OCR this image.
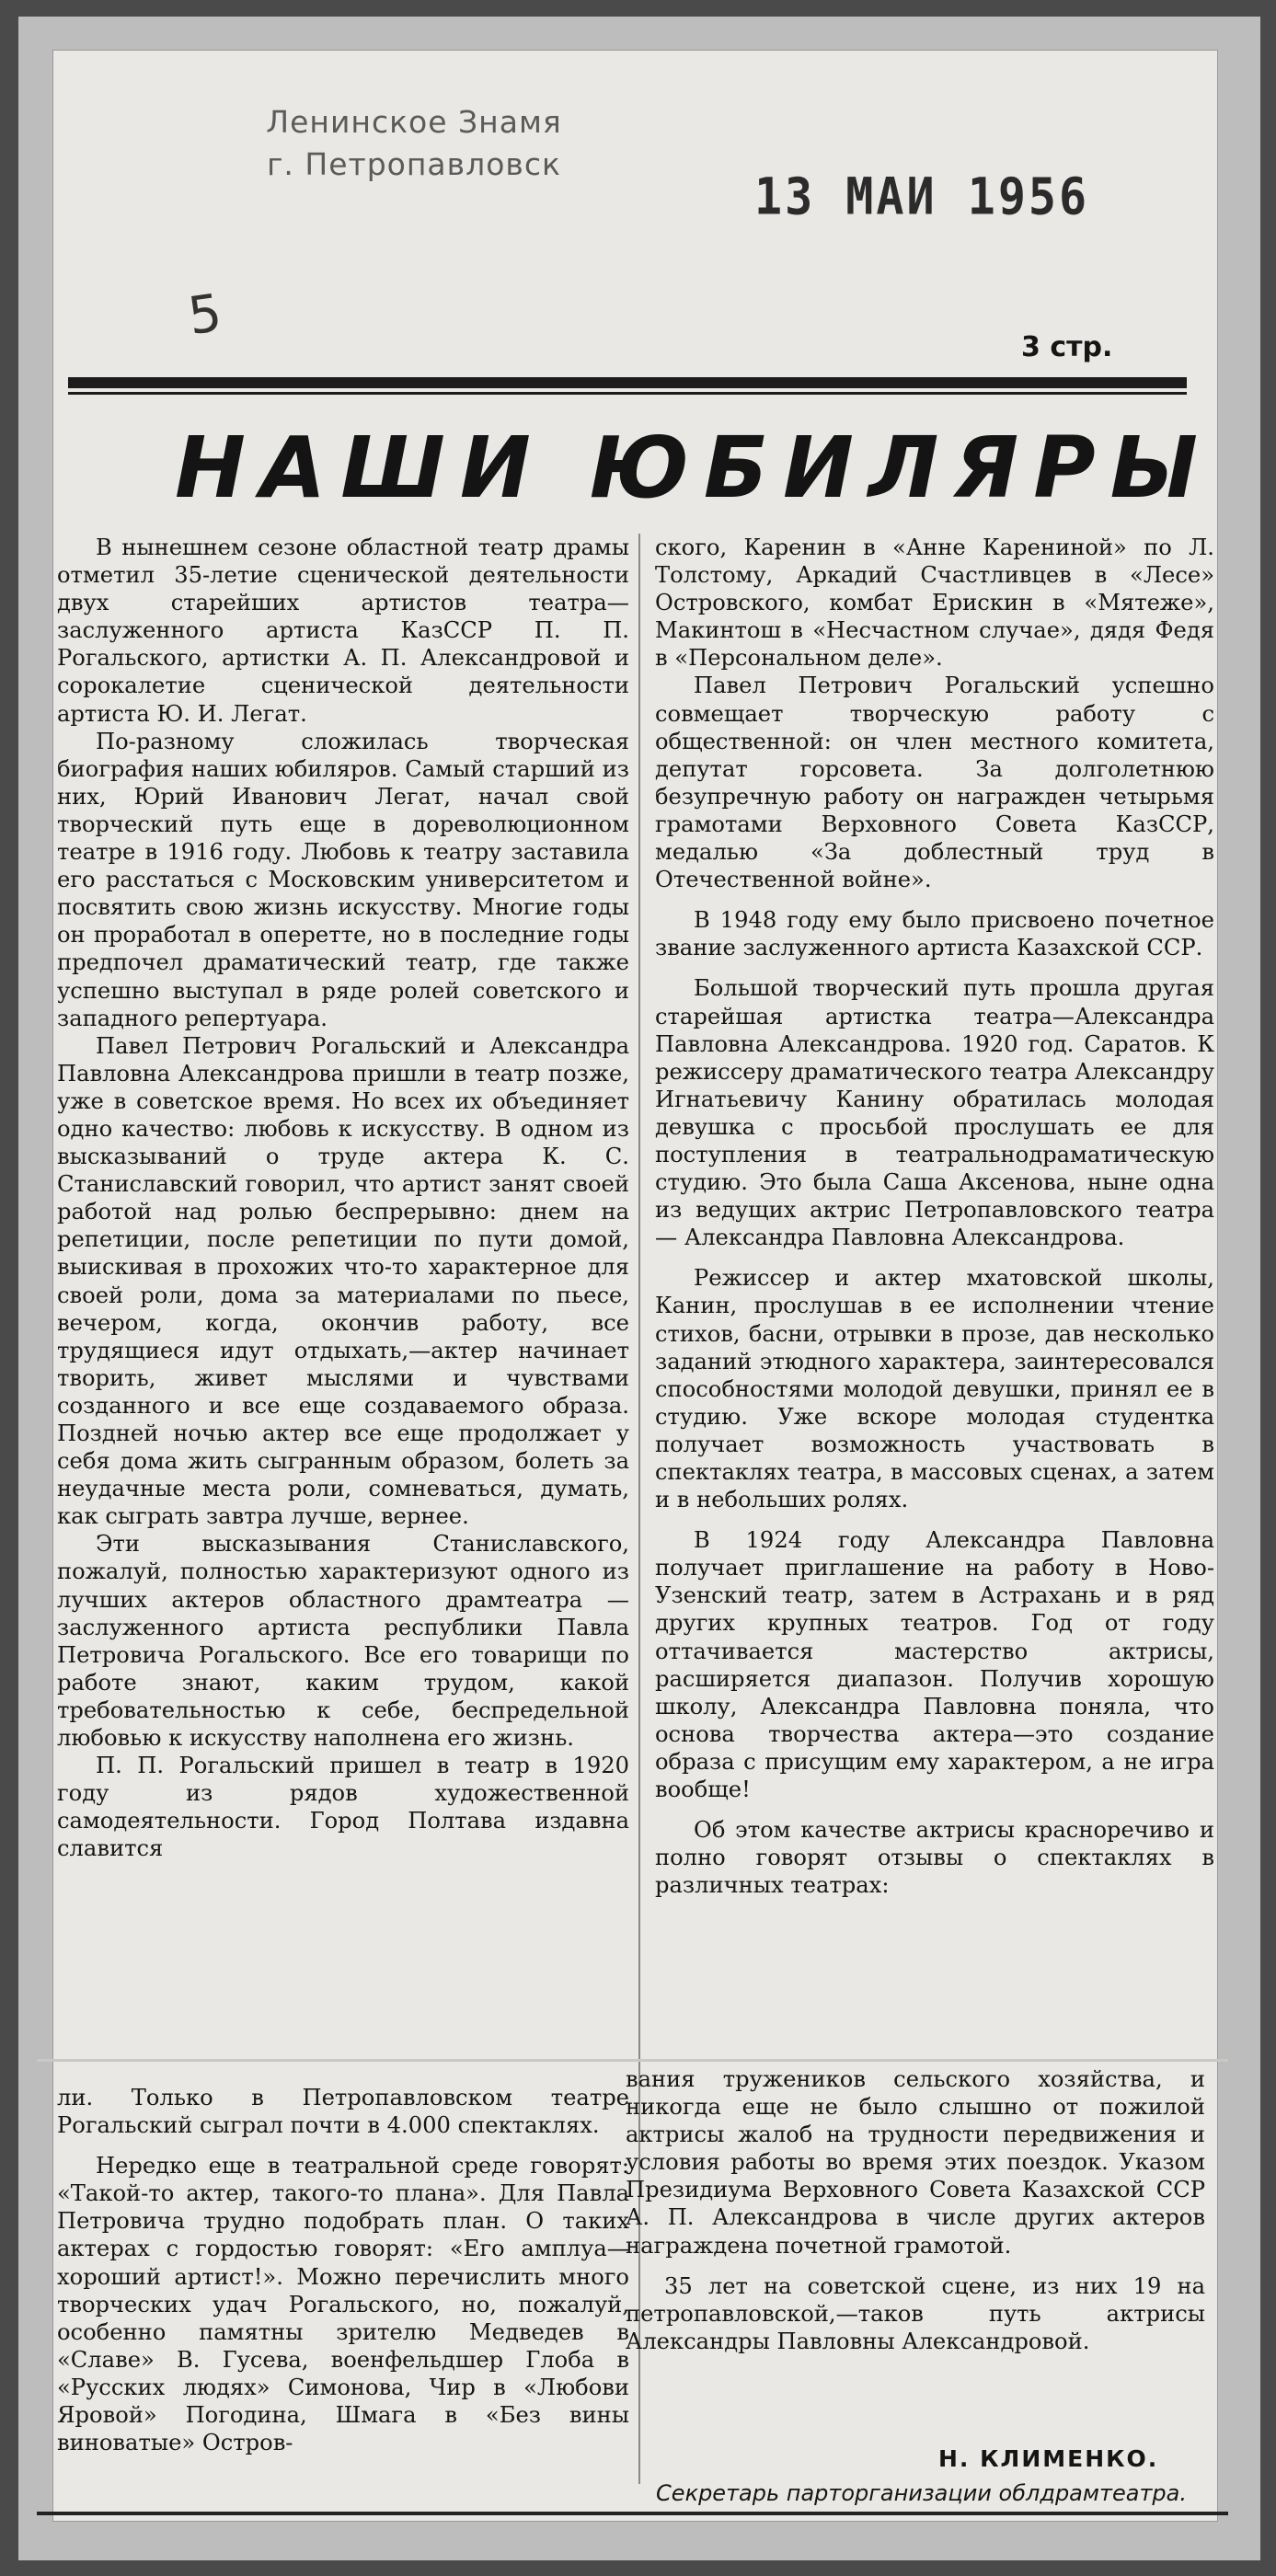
Ленинское Знамя
г. Петропавловск
13 МАИ 1956
5
3 стр.
НАШИ ЮБИЛЯРЫ

В нынешнем сезоне областной театр драмы отметил 35-летие сценической деятельности двух старейших артистов театра—заслуженного артиста КазССР П. П. Рогальского, артистки А. П. Александровой и сорокалетие сценической деятельности артиста Ю. И. Легат.

По-разному сложилась творческая биография наших юбиляров. Самый старший из них, Юрий Иванович Легат, начал свой творческий путь еще в дореволюционном театре в 1916 году. Любовь к театру заставила его расстаться с Московским университетом и посвятить свою жизнь искусству. Многие годы он проработал в оперетте, но в последние годы предпочел драматический театр, где также успешно выступал в ряде ролей советского и западного репертуара.

Павел Петрович Рогальский и Александра Павловна Александрова пришли в театр позже, уже в советское время. Но всех их объединяет одно качество: любовь к искусству. В одном из высказываний о труде актера К. С. Станиславский говорил, что артист занят своей работой над ролью беспрерывно: днем на репетиции, после репетиции по пути домой, выискивая в прохожих что-то характерное для своей роли, дома за материалами по пьесе, вечером, когда, окончив работу, все трудящиеся идут отдыхать,—актер начинает творить, живет мыслями и чувствами созданного и все еще создаваемого образа. Поздней ночью актер все еще продолжает у себя дома жить сыгранным образом, болеть за неудачные места роли, сомневаться, думать, как сыграть завтра лучше, вернее.

Эти высказывания Станиславского, пожалуй, полностью характеризуют одного из лучших актеров областного драмтеатра —заслуженного артиста республики Павла Петровича Рогальского. Все его товарищи по работе знают, каким трудом, какой требовательностью к себе, беспредельной любовью к искусству наполнена его жизнь.

П. П. Рогальский пришел в театр в 1920 году из рядов художественной самодеятельности. Город Полтава издавна славится

ли. Только в Петропавловском театре Рогальский сыграл почти в 4.000 спектаклях.

Нередко еще в театральной среде говорят: «Такой-то актер, такого-то плана». Для Павла Петровича трудно подобрать план. О таких актерах с гордостью говорят: «Его амплуа—хороший артист!». Можно перечислить много творческих удач Рогальского, но, пожалуй, особенно памятны зрителю Медведев в «Славе» В. Гусева, военфельдшер Глоба в «Русских людях» Симонова, Чир в «Любови Яровой» Погодина, Шмага в «Без вины виноватые» Остров-

ского, Каренин в «Анне Карениной» по Л. Толстому, Аркадий Счастливцев в «Лесе» Островского, комбат Ерискин в «Мятеже», Макинтош в «Несчастном случае», дядя Федя в «Персональном деле».

Павел Петрович Рогальский успешно совмещает творческую работу с общественной: он член местного комитета, депутат горсовета. За долголетнюю безупречную работу он награжден четырьмя грамотами Верховного Совета КазССР, медалью «За доблестный труд в Отечественной войне».

В 1948 году ему было присвоено почетное звание заслуженного артиста Казахской ССР.

Большой творческий путь прошла другая старейшая артистка театра—Александра Павловна Александрова. 1920 год. Саратов. К режиссеру драматического театра Александру Игнатьевичу Канину обратилась молодая девушка с просьбой прослушать ее для поступления в театральнодраматическую студию. Это была Саша Аксенова, ныне одна из ведущих актрис Петропавловского театра — Александра Павловна Александрова.

Режиссер и актер мхатовской школы, Канин, прослушав в ее исполнении чтение стихов, басни, отрывки в прозе, дав несколько заданий этюдного характера, заинтересовался способностями молодой девушки, принял ее в студию. Уже вскоре молодая студентка получает возможность участвовать в спектаклях театра, в массовых сценах, а затем и в небольших ролях.

В 1924 году Александра Павловна получает приглашение на работу в Ново-Узенский театр, затем в Астрахань и в ряд других крупных театров. Год от году оттачивается мастерство актрисы, расширяется диапазон. Получив хорошую школу, Александра Павловна поняла, что основа творчества актера—это создание образа с присущим ему характером, а не игра вообще!

Об этом качестве актрисы красноречиво и полно говорят отзывы о спектаклях в различных театрах:

вания тружеников сельского хозяйства, и никогда еще не было слышно от пожилой актрисы жалоб на трудности передвижения и условия работы во время этих поездок. Указом Президиума Верховного Совета Казахской ССР А. П. Александрова в числе других актеров награждена почетной грамотой.

35 лет на советской сцене, из них 19 на петропавловской,—таков путь актрисы Александры Павловны Александровой.

Н. КЛИМЕНКО.
Секретарь парторганизации облдрамтеатра.
